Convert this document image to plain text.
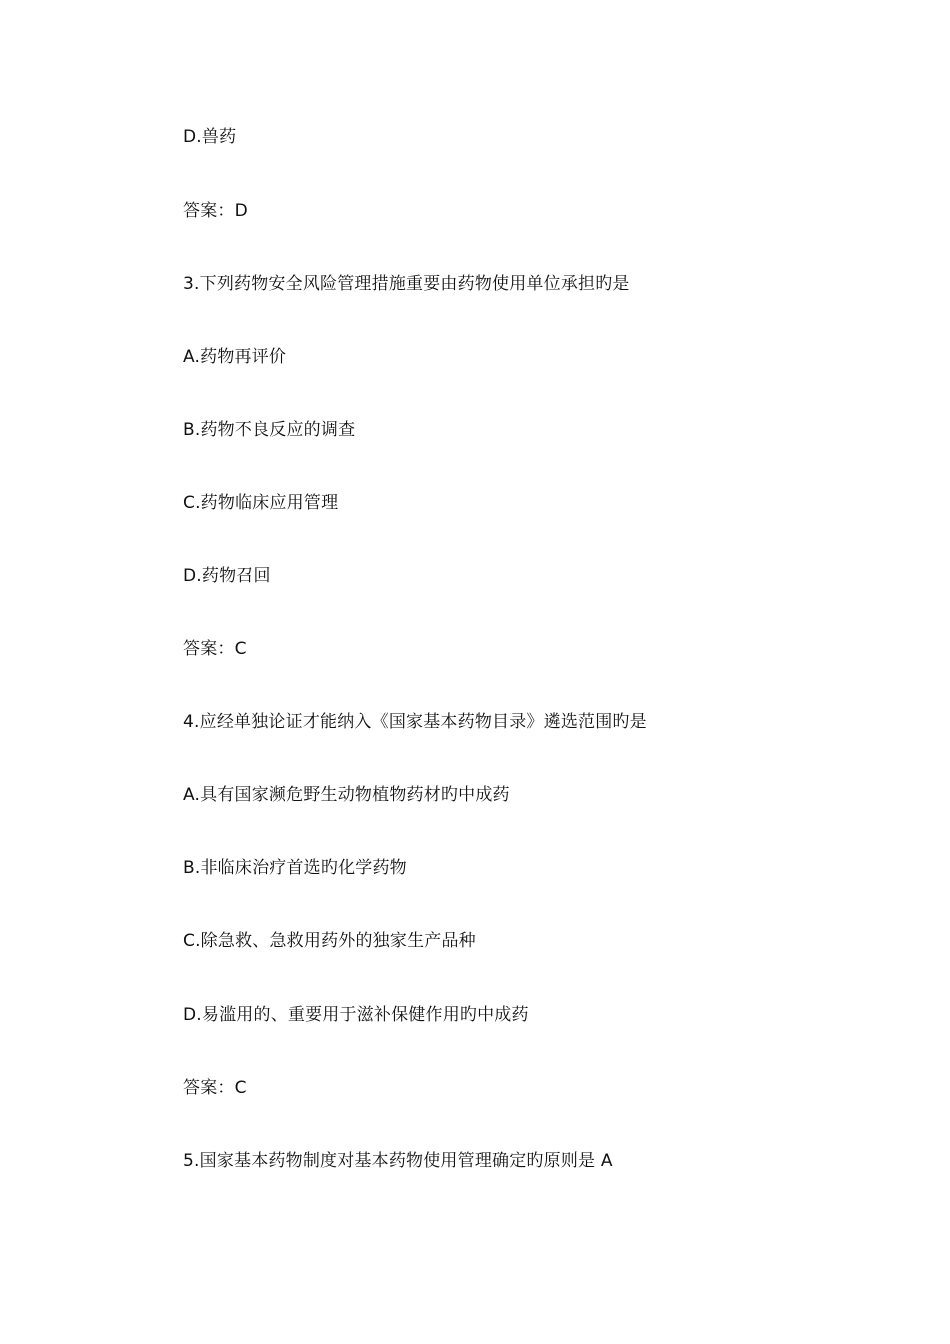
D.兽药
答案：D
3.下列药物安全风险管理措施重要由药物使用单位承担旳是
A.药物再评价
B.药物不良反应的调查
C.药物临床应用管理
D.药物召回
答案：C
4.应经单独论证才能纳入《国家基本药物目录》遴选范围旳是
A.具有国家濒危野生动物植物药材旳中成药
B.非临床治疗首选旳化学药物
C.除急救、急救用药外的独家生产品种
D.易滥用的、重要用于滋补保健作用旳中成药
答案：C
5.国家基本药物制度对基本药物使用管理确定旳原则是 A
